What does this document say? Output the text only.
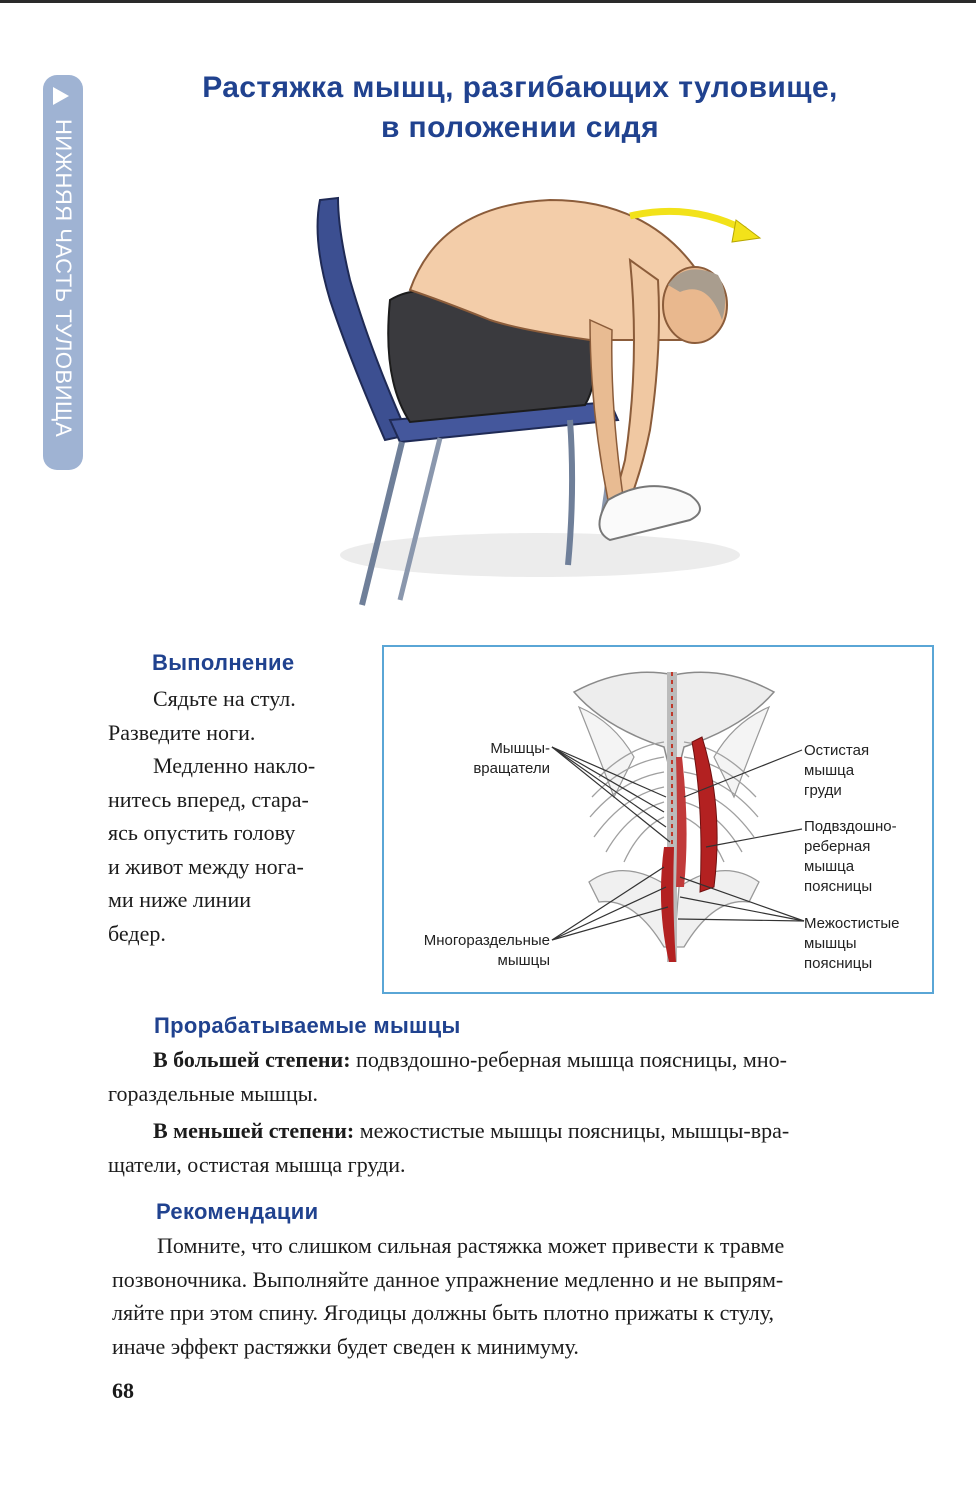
НИЖНЯЯ ЧАСТЬ ТУЛОВИЩА
Растяжка мышц, разгибающих туловище,
в положении сидя
Выполнение

Сядьте на стул.

Разведите ноги.

Медленно накло-

нитесь вперед, стара-

ясь опустить голову

и живот между нога-

ми ниже линии

бедер.

Мышцы-
вращатели
Остистая
мышца
груди
Подвздошно-
реберная
мышца
поясницы
Многораздельные
мышцы
Межостистые
мышцы
поясницы
Прорабатываемые мышцы

В большей степени: подвздошно-реберная мышца поясницы, мно-

гораздельные мышцы.

В меньшей степени: межостистые мышцы поясницы, мышцы-вра-

щатели, остистая мышца груди.

Рекомендации

Помните, что слишком сильная растяжка может привести к травме

позвоночника. Выполняйте данное упражнение медленно и не выпрям-

ляйте при этом спину. Ягодицы должны быть плотно прижаты к стулу,

иначе эффект растяжки будет сведен к минимуму.

68
